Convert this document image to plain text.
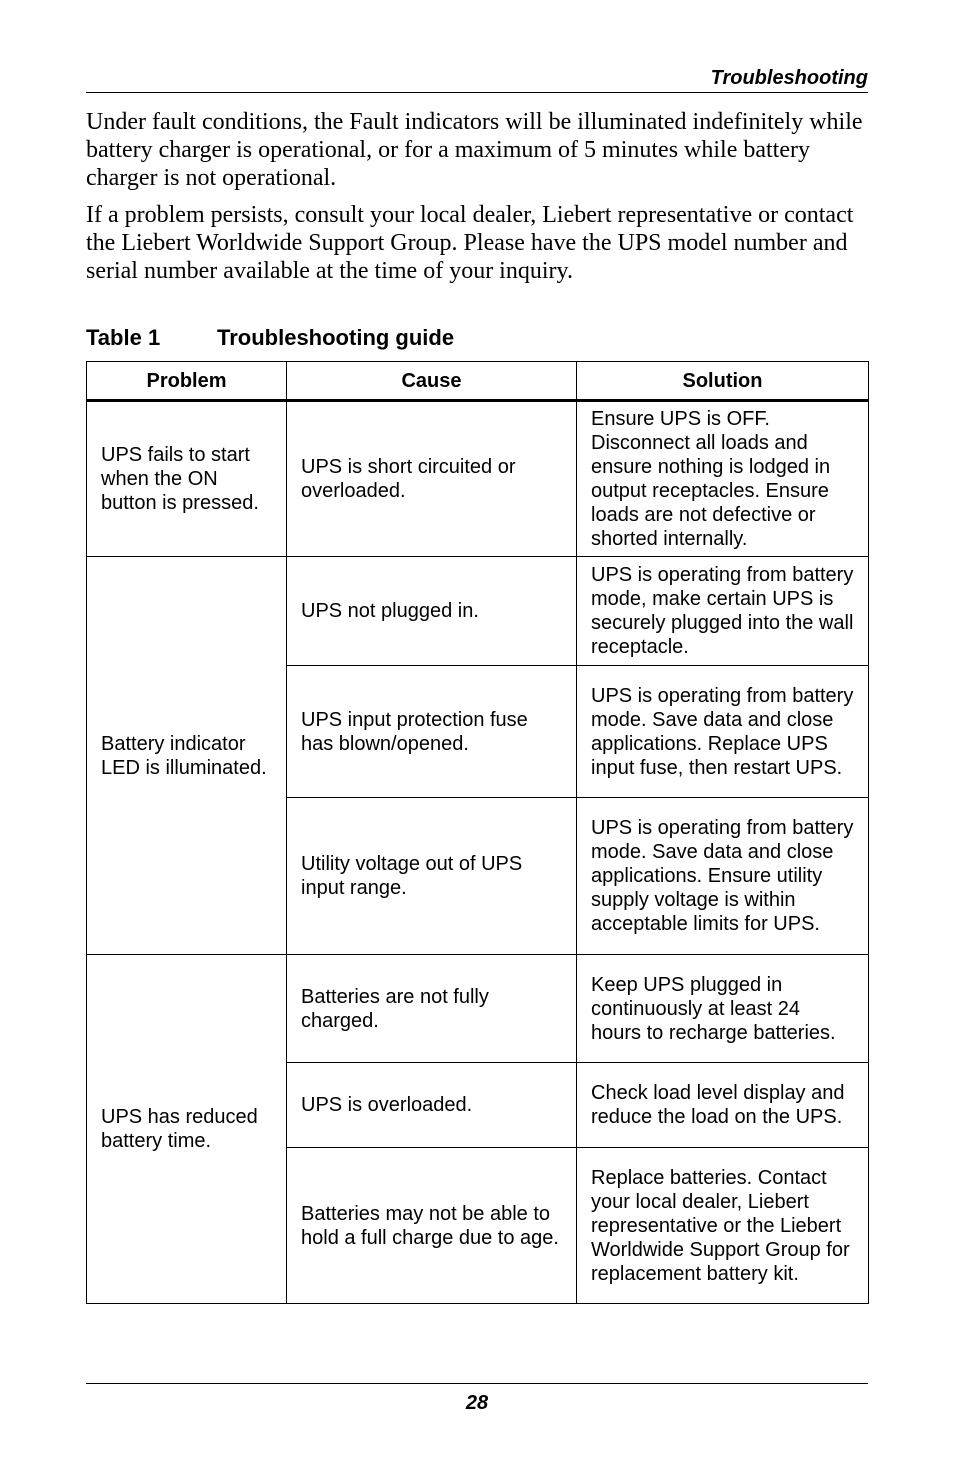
Troubleshooting

Under fault conditions, the Fault indicators will be illuminated indefinitely while battery charger is operational, or for a maximum of 5 minutes while battery charger is not operational.

If a problem persists, consult your local dealer, Liebert representative or contact the Liebert Worldwide Support Group. Please have the UPS model number and serial number available at the time of your inquiry.

Table 1	Troubleshooting guide
Problem	Cause	Solution
UPS fails to start when the ON button is pressed.	UPS is short circuited or overloaded.	Ensure UPS is OFF. Disconnect all loads and ensure nothing is lodged in output receptacles. Ensure loads are not defective or shorted internally.
Battery indicator LED is illuminated.	UPS not plugged in.	UPS is operating from battery mode, make certain UPS is securely plugged into the wall receptacle.
	UPS input protection fuse has blown/opened.	UPS is operating from battery mode. Save data and close applications. Replace UPS input fuse, then restart UPS.
	Utility voltage out of UPS input range.	UPS is operating from battery mode. Save data and close applications. Ensure utility supply voltage is within acceptable limits for UPS.
UPS has reduced battery time.	Batteries are not fully charged.	Keep UPS plugged in continuously at least 24 hours to recharge batteries.
	UPS is overloaded.	Check load level display and reduce the load on the UPS.
	Batteries may not be able to hold a full charge due to age.	Replace batteries. Contact your local dealer, Liebert representative or the Liebert Worldwide Support Group for replacement battery kit.
28
